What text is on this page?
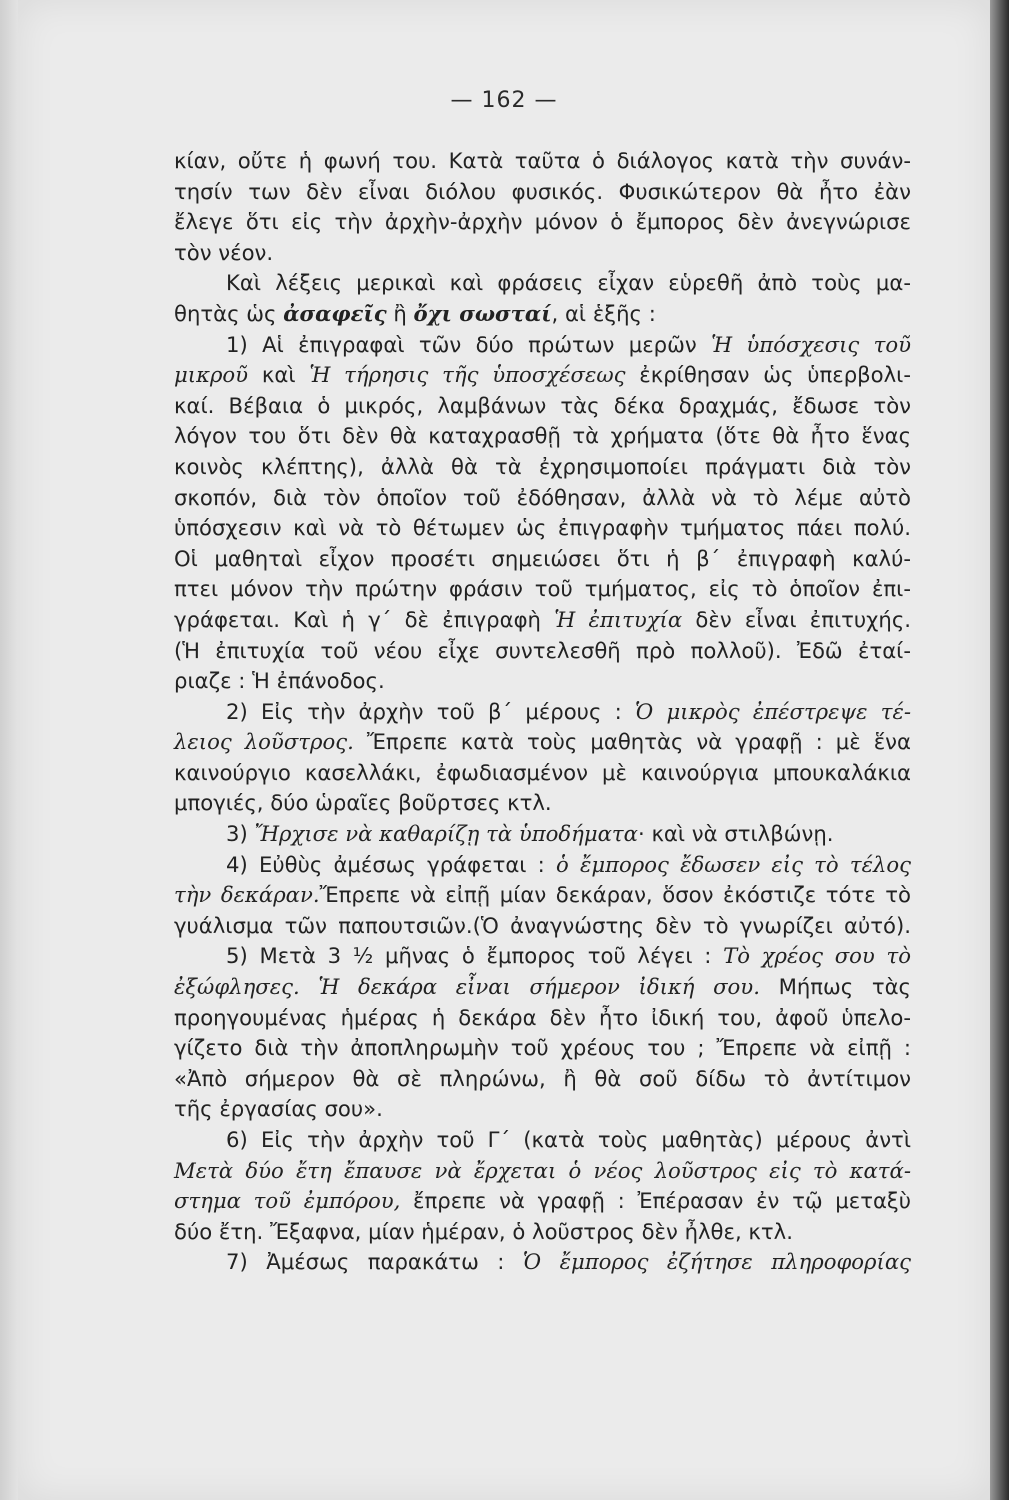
— 162 —
κίαν, οὔτε ἡ φωνή του. Κατὰ ταῦτα ὁ διάλογος κατὰ τὴν συνάν-
τησίν των δὲν εἶναι διόλου φυσικός. Φυσικώτερον θὰ ἦτο ἐὰν
ἔλεγε ὅτι εἰς τὴν ἀρχὴν-ἀρχὴν μόνον ὁ ἔμπορος δὲν ἀνεγνώρισε
τὸν νέον.
Καὶ λέξεις μερικαὶ καὶ φράσεις εἶχαν εὑρεθῆ ἀπὸ τοὺς μα-
θητὰς ὡς ἀσαφεῖς ἢ ὄχι σωσταί, αἱ ἑξῆς :
1) Αἱ ἐπιγραφαὶ τῶν δύο πρώτων μερῶν Ἡ ὑπόσχεσις τοῦ
μικροῦ καὶ Ἡ τήρησις τῆς ὑποσχέσεως ἐκρίθησαν ὡς ὑπερβολι-
καί. Βέβαια ὁ μικρός, λαμβάνων τὰς δέκα δραχμάς, ἔδωσε τὸν
λόγον του ὅτι δὲν θὰ καταχρασθῇ τὰ χρήματα (ὅτε θὰ ἦτο ἕνας
κοινὸς κλέπτης), ἀλλὰ θὰ τὰ ἐχρησιμοποίει πράγματι διὰ τὸν
σκοπόν, διὰ τὸν ὁποῖον τοῦ ἐδόθησαν, ἀλλὰ νὰ τὸ λέμε αὐτὸ
ὑπόσχεσιν καὶ νὰ τὸ θέτωμεν ὡς ἐπιγραφὴν τμήματος πάει πολύ.
Οἱ μαθηταὶ εἶχον προσέτι σημειώσει ὅτι ἡ β΄ ἐπιγραφὴ καλύ-
πτει μόνον τὴν πρώτην φράσιν τοῦ τμήματος, εἰς τὸ ὁποῖον ἐπι-
γράφεται. Καὶ ἡ γ΄ δὲ ἐπιγραφὴ Ἡ ἐπιτυχία δὲν εἶναι ἐπιτυχής.
(Ἡ ἐπιτυχία τοῦ νέου εἶχε συντελεσθῆ πρὸ πολλοῦ). Ἐδῶ ἐταί-
ριαζε : Ἡ ἐπάνοδος.
2) Εἰς τὴν ἀρχὴν τοῦ β΄ μέρους : Ὁ μικρὸς ἐπέστρεψε τέ-
λειος λοῦστρος. Ἔπρεπε κατὰ τοὺς μαθητὰς νὰ γραφῇ : μὲ ἕνα
καινούργιο κασελλάκι, ἐφωδιασμένον μὲ καινούργια μπουκαλάκια
μπογιές, δύο ὡραῖες βοῦρτσες κτλ.
3) Ἤρχισε νὰ καθαρίζῃ τὰ ὑποδήματα· καὶ νὰ στιλβώνῃ.
4) Εὐθὺς ἀμέσως γράφεται : ὁ ἔμπορος ἔδωσεν εἰς τὸ τέλος
τὴν δεκάραν.Ἔπρεπε νὰ εἰπῇ μίαν δεκάραν, ὅσον ἐκόστιζε τότε τὸ
γυάλισμα τῶν παπουτσιῶν.(Ὁ ἀναγνώστης δὲν τὸ γνωρίζει αὐτό).
5) Μετὰ 3 ½ μῆνας ὁ ἔμπορος τοῦ λέγει : Τὸ χρέος σου τὸ
ἐξώφλησες. Ἡ δεκάρα εἶναι σήμερον ἰδική σου. Μήπως τὰς
προηγουμένας ἡμέρας ἡ δεκάρα δὲν ἦτο ἰδική του, ἀφοῦ ὑπελο-
γίζετο διὰ τὴν ἀποπληρωμὴν τοῦ χρέους του ; Ἔπρεπε νὰ εἰπῇ :
«Ἀπὸ σήμερον θὰ σὲ πληρώνω, ἢ θὰ σοῦ δίδω τὸ ἀντίτιμον
τῆς ἐργασίας σου».
6) Εἰς τὴν ἀρχὴν τοῦ Γ΄ (κατὰ τοὺς μαθητὰς) μέρους ἀντὶ
Μετὰ δύο ἔτη ἔπαυσε νὰ ἔρχεται ὁ νέος λοῦστρος εἰς τὸ κατά-
στημα τοῦ ἐμπόρου, ἔπρεπε νὰ γραφῇ : Ἐπέρασαν ἐν τῷ μεταξὺ
δύο ἔτη. Ἔξαφνα, μίαν ἡμέραν, ὁ λοῦστρος δὲν ἦλθε, κτλ.
7) Ἀμέσως παρακάτω : Ὁ ἔμπορος ἐζήτησε πληροφορίας
